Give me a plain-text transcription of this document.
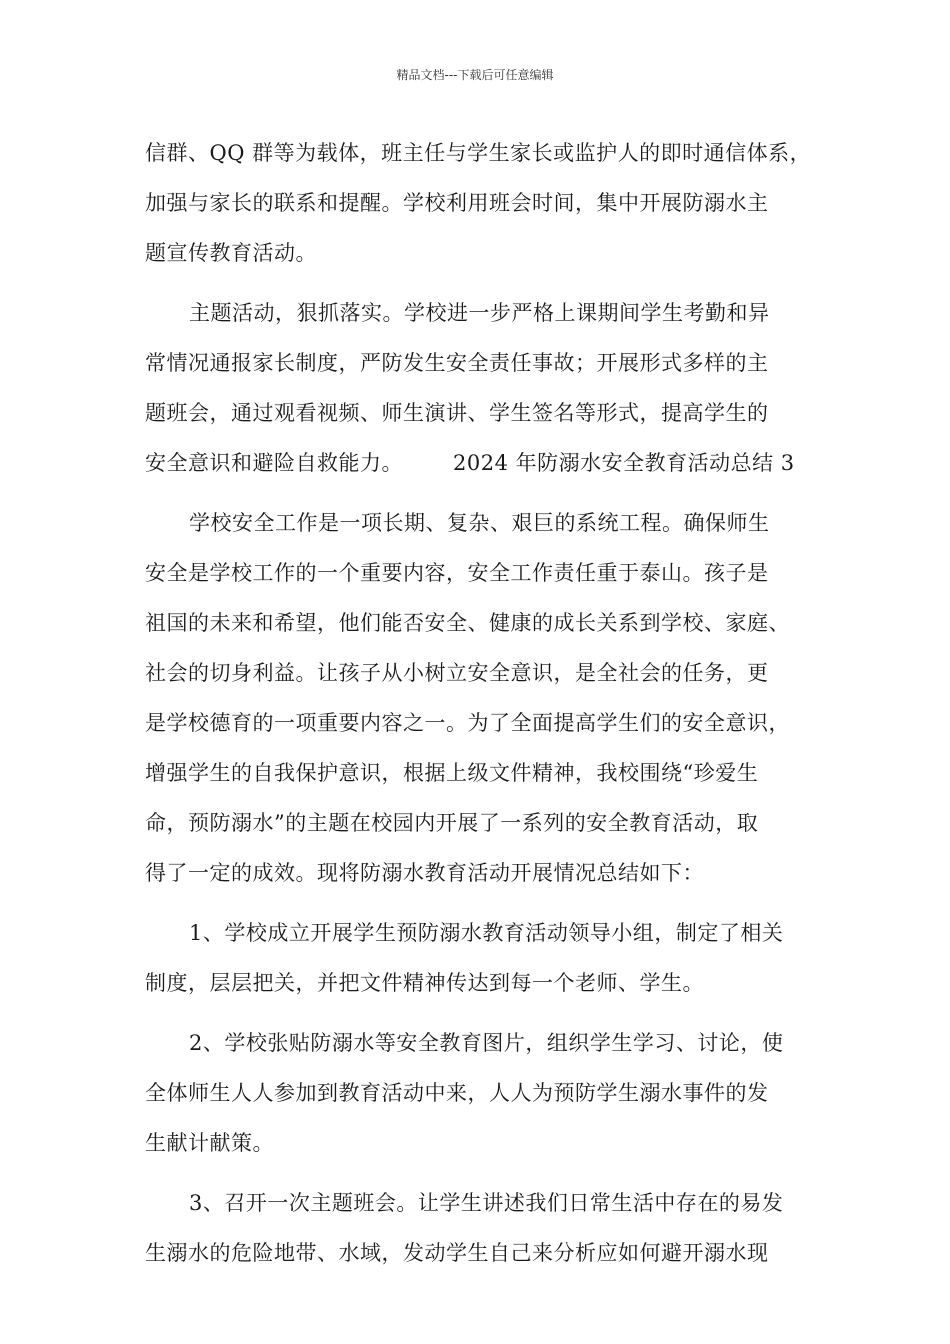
精品文档---下载后可任意编辑
信群、QQ 群等为载体，班主任与学生家长或监护人的即时通信体系，
加强与家长的联系和提醒。学校利用班会时间，集中开展防溺水主
题宣传教育活动。
主题活动，狠抓落实。学校进一步严格上课期间学生考勤和异
常情况通报家长制度，严防发生安全责任事故；开展形式多样的主
题班会，通过观看视频、师生演讲、学生签名等形式，提高学生的
安全意识和避险自救能力。 2024 年防溺水安全教育活动总结 3
学校安全工作是一项长期、复杂、艰巨的系统工程。确保师生
安全是学校工作的一个重要内容，安全工作责任重于泰山。孩子是
祖国的未来和希望，他们能否安全、健康的成长关系到学校、家庭、
社会的切身利益。让孩子从小树立安全意识，是全社会的任务，更
是学校德育的一项重要内容之一。为了全面提高学生们的安全意识，
增强学生的自我保护意识，根据上级文件精神，我校围绕“珍爱生
命，预防溺水”的主题在校园内开展了一系列的安全教育活动，取
得了一定的成效。现将防溺水教育活动开展情况总结如下：
1、学校成立开展学生预防溺水教育活动领导小组，制定了相关
制度，层层把关，并把文件精神传达到每一个老师、学生。
2、学校张贴防溺水等安全教育图片，组织学生学习、讨论，使
全体师生人人参加到教育活动中来，人人为预防学生溺水事件的发
生献计献策。
3、召开一次主题班会。让学生讲述我们日常生活中存在的易发
生溺水的危险地带、水域，发动学生自己来分析应如何避开溺水现
